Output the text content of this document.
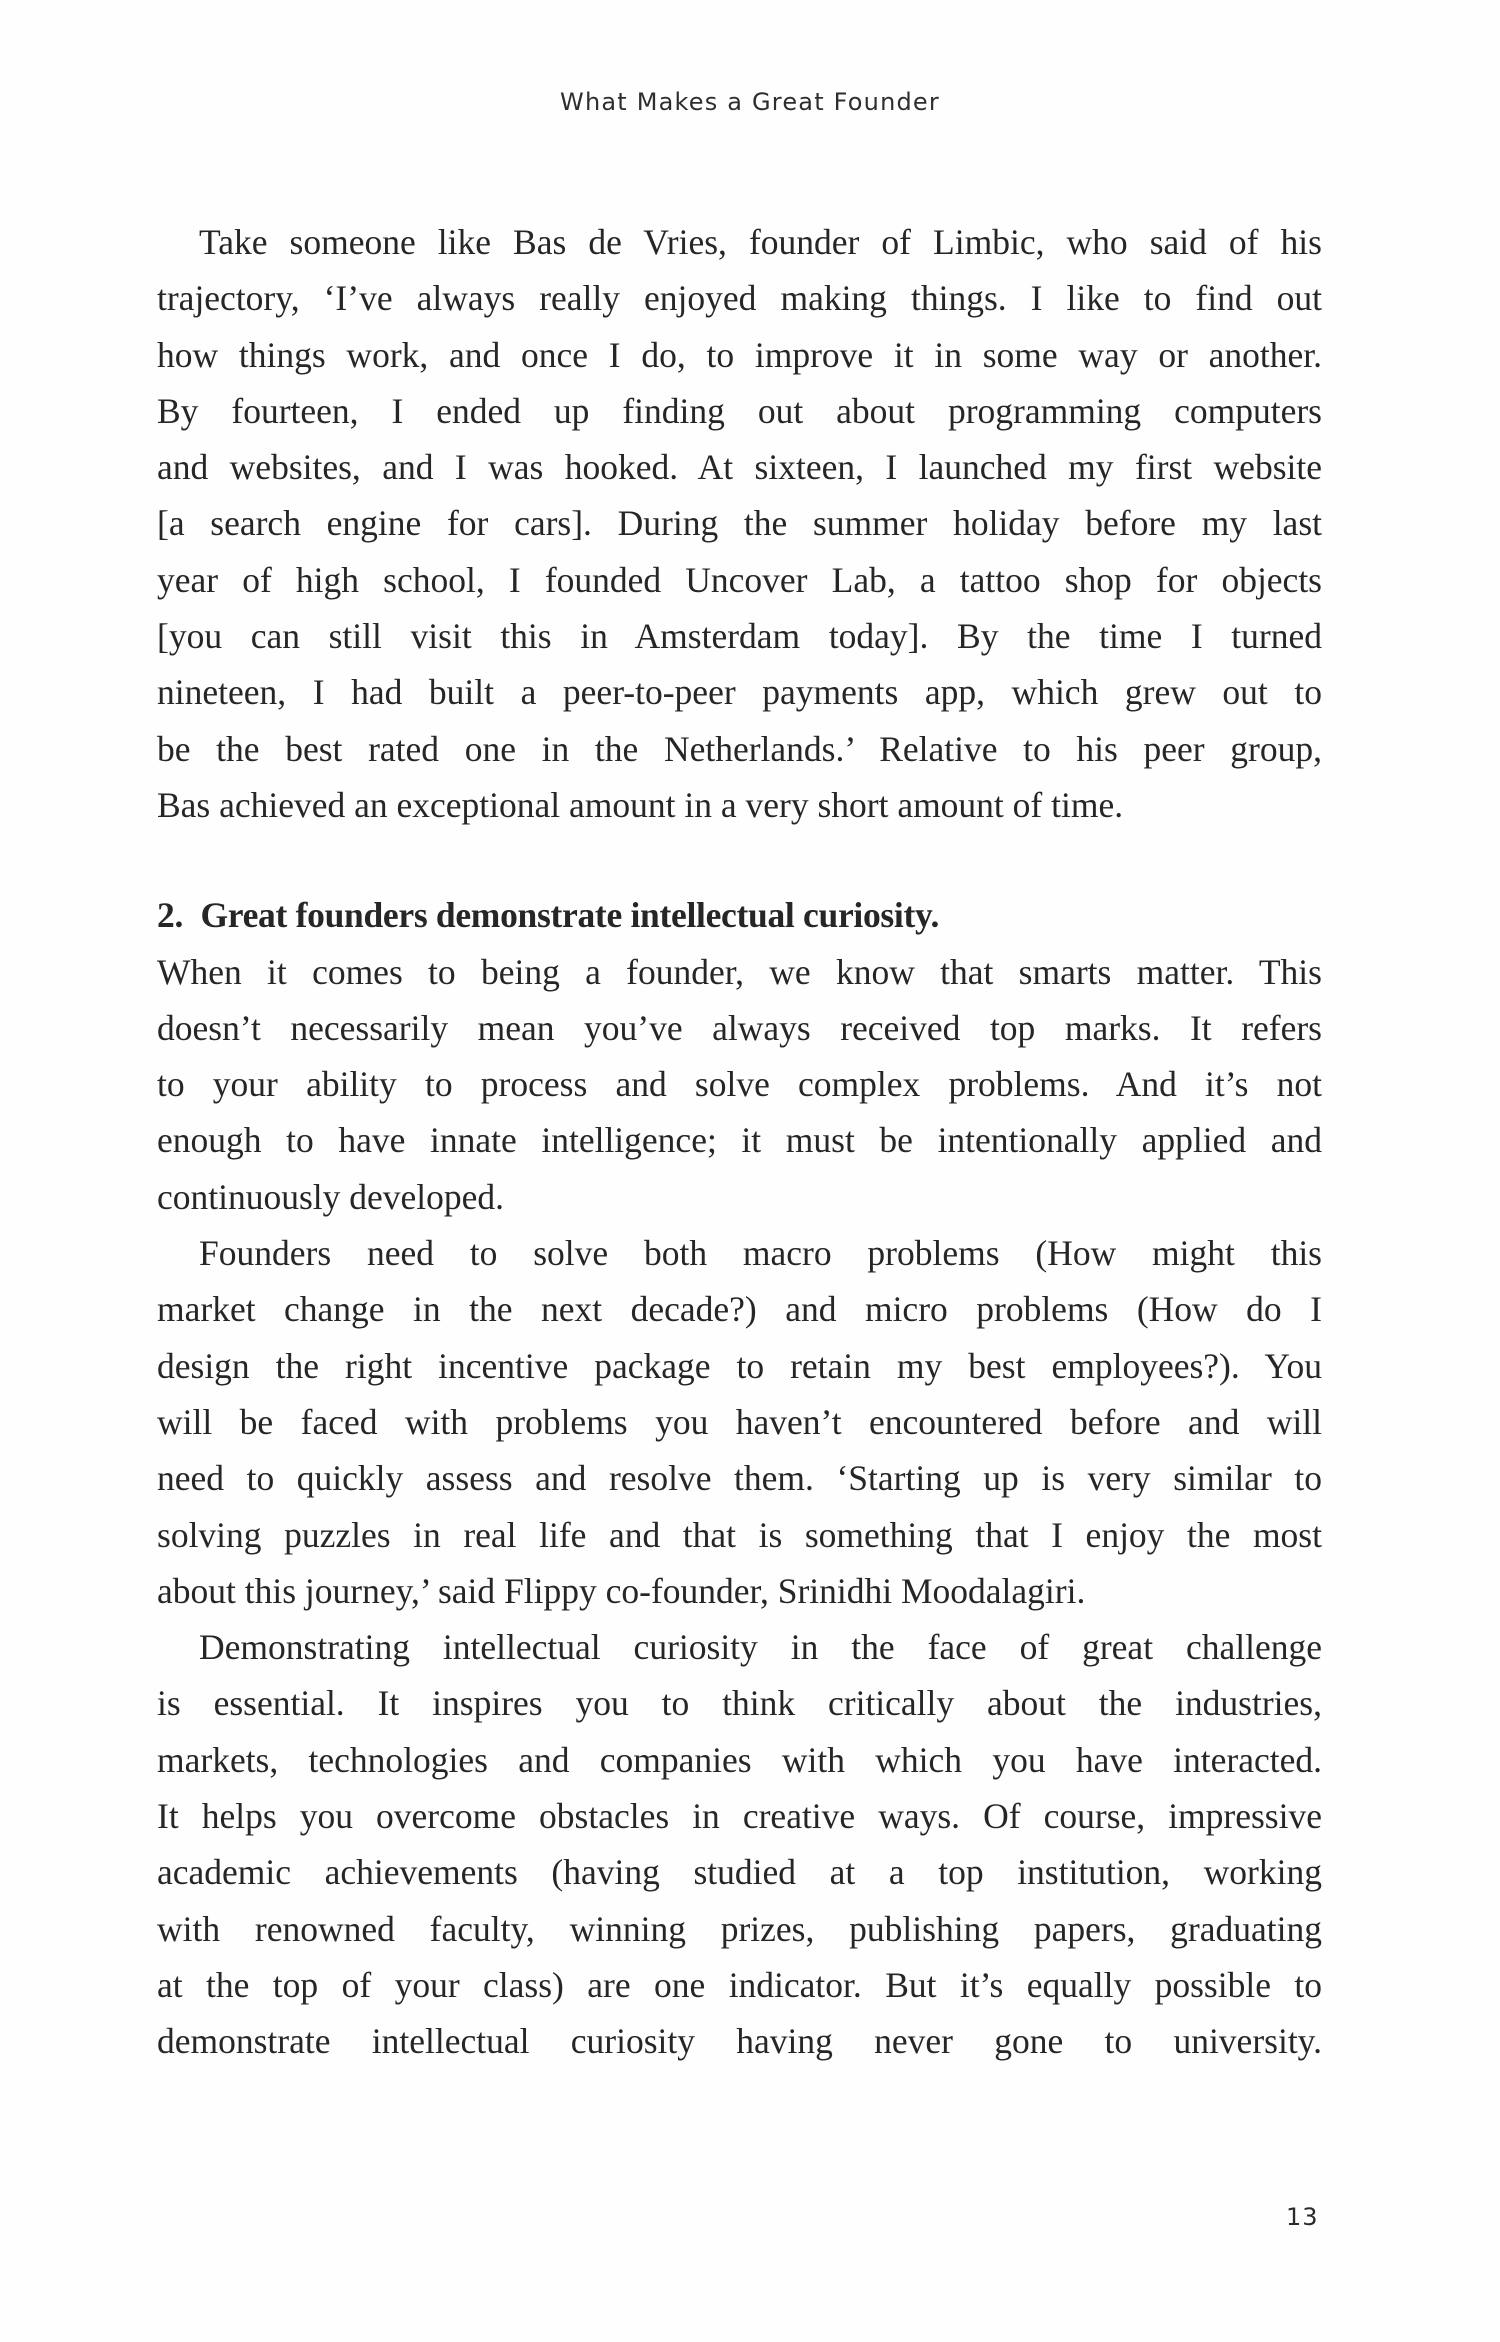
What Makes a Great Founder

Take someone like Bas de Vries, founder of Limbic, who said of his
trajectory, ‘I’ve always really enjoyed making things. I like to find out
how things work, and once I do, to improve it in some way or another.
By fourteen, I ended up finding out about programming computers
and websites, and I was hooked. At sixteen, I launched my first website
[a search engine for cars]. During the summer holiday before my last
year of high school, I founded Uncover Lab, a tattoo shop for objects
[you can still visit this in Amsterdam today]. By the time I turned
nineteen, I had built a peer-to-peer payments app, which grew out to
be the best rated one in the Netherlands.’ Relative to his peer group,
Bas achieved an exceptional amount in a very short amount of time.

2. Great founders demonstrate intellectual curiosity.

When it comes to being a founder, we know that smarts matter. This
doesn’t necessarily mean you’ve always received top marks. It refers
to your ability to process and solve complex problems. And it’s not
enough to have innate intelligence; it must be intentionally applied and
continuously developed.

Founders need to solve both macro problems (How might this
market change in the next decade?) and micro problems (How do I
design the right incentive package to retain my best employees?). You
will be faced with problems you haven’t encountered before and will
need to quickly assess and resolve them. ‘Starting up is very similar to
solving puzzles in real life and that is something that I enjoy the most
about this journey,’ said Flippy co-founder, Srinidhi Moodalagiri.

Demonstrating intellectual curiosity in the face of great challenge
is essential. It inspires you to think critically about the industries,
markets, technologies and companies with which you have interacted.
It helps you overcome obstacles in creative ways. Of course, impressive
academic achievements (having studied at a top institution, working
with renowned faculty, winning prizes, publishing papers, graduating
at the top of your class) are one indicator. But it’s equally possible to
demonstrate intellectual curiosity having never gone to university.

13
